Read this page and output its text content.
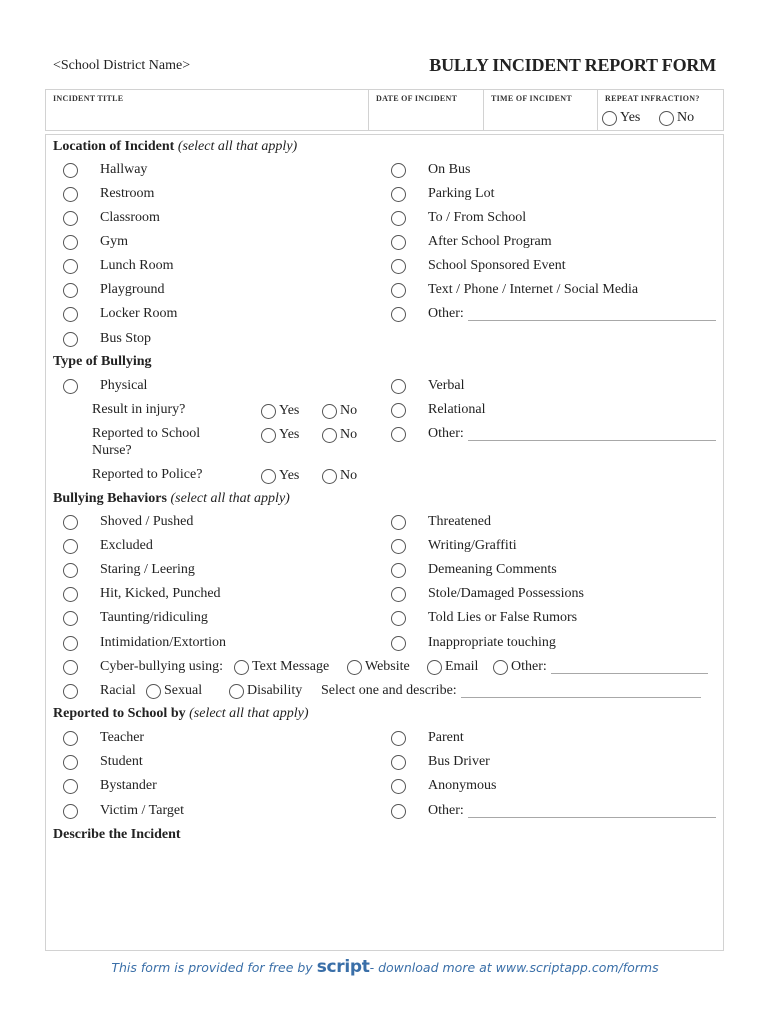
<School District Name>	BULLY INCIDENT REPORT FORM
INCIDENT TITLE	DATE OF INCIDENT	TIME OF INCIDENT	REPEAT INFRACTION?
Yes	No
Location of Incident (select all that apply)
Hallway
Restroom
Classroom
Gym
Lunch Room
Playground
Locker Room
Bus Stop
On Bus
Parking Lot
To / From School
After School Program
School Sponsored Event
Text / Phone / Internet / Social Media
Other:
Type of Bullying
Physical
Result in injury?	Yes	No
Reported to School
Nurse?
Yes	No
Reported to Police?	Yes	No
Verbal
Relational
Other:
Bullying Behaviors (select all that apply)
Shoved / Pushed
Excluded
Staring / Leering
Hit, Kicked, Punched
Taunting/ridiculing
Intimidation/Extortion
Threatened
Writing/Graffiti
Demeaning Comments
Stole/Damaged Possessions
Told Lies or False Rumors
Inappropriate touching
Cyber-bullying using: Text Message	Website	Email Other:
Racial Sexual	Disability Select one and describe:
Reported to School by (select all that apply)
Teacher
Student
Bystander
Victim / Target
Parent
Bus Driver
Anonymous
Other:
Describe the Incident
This form is provided for free by script- download more at www.scriptapp.com/forms
